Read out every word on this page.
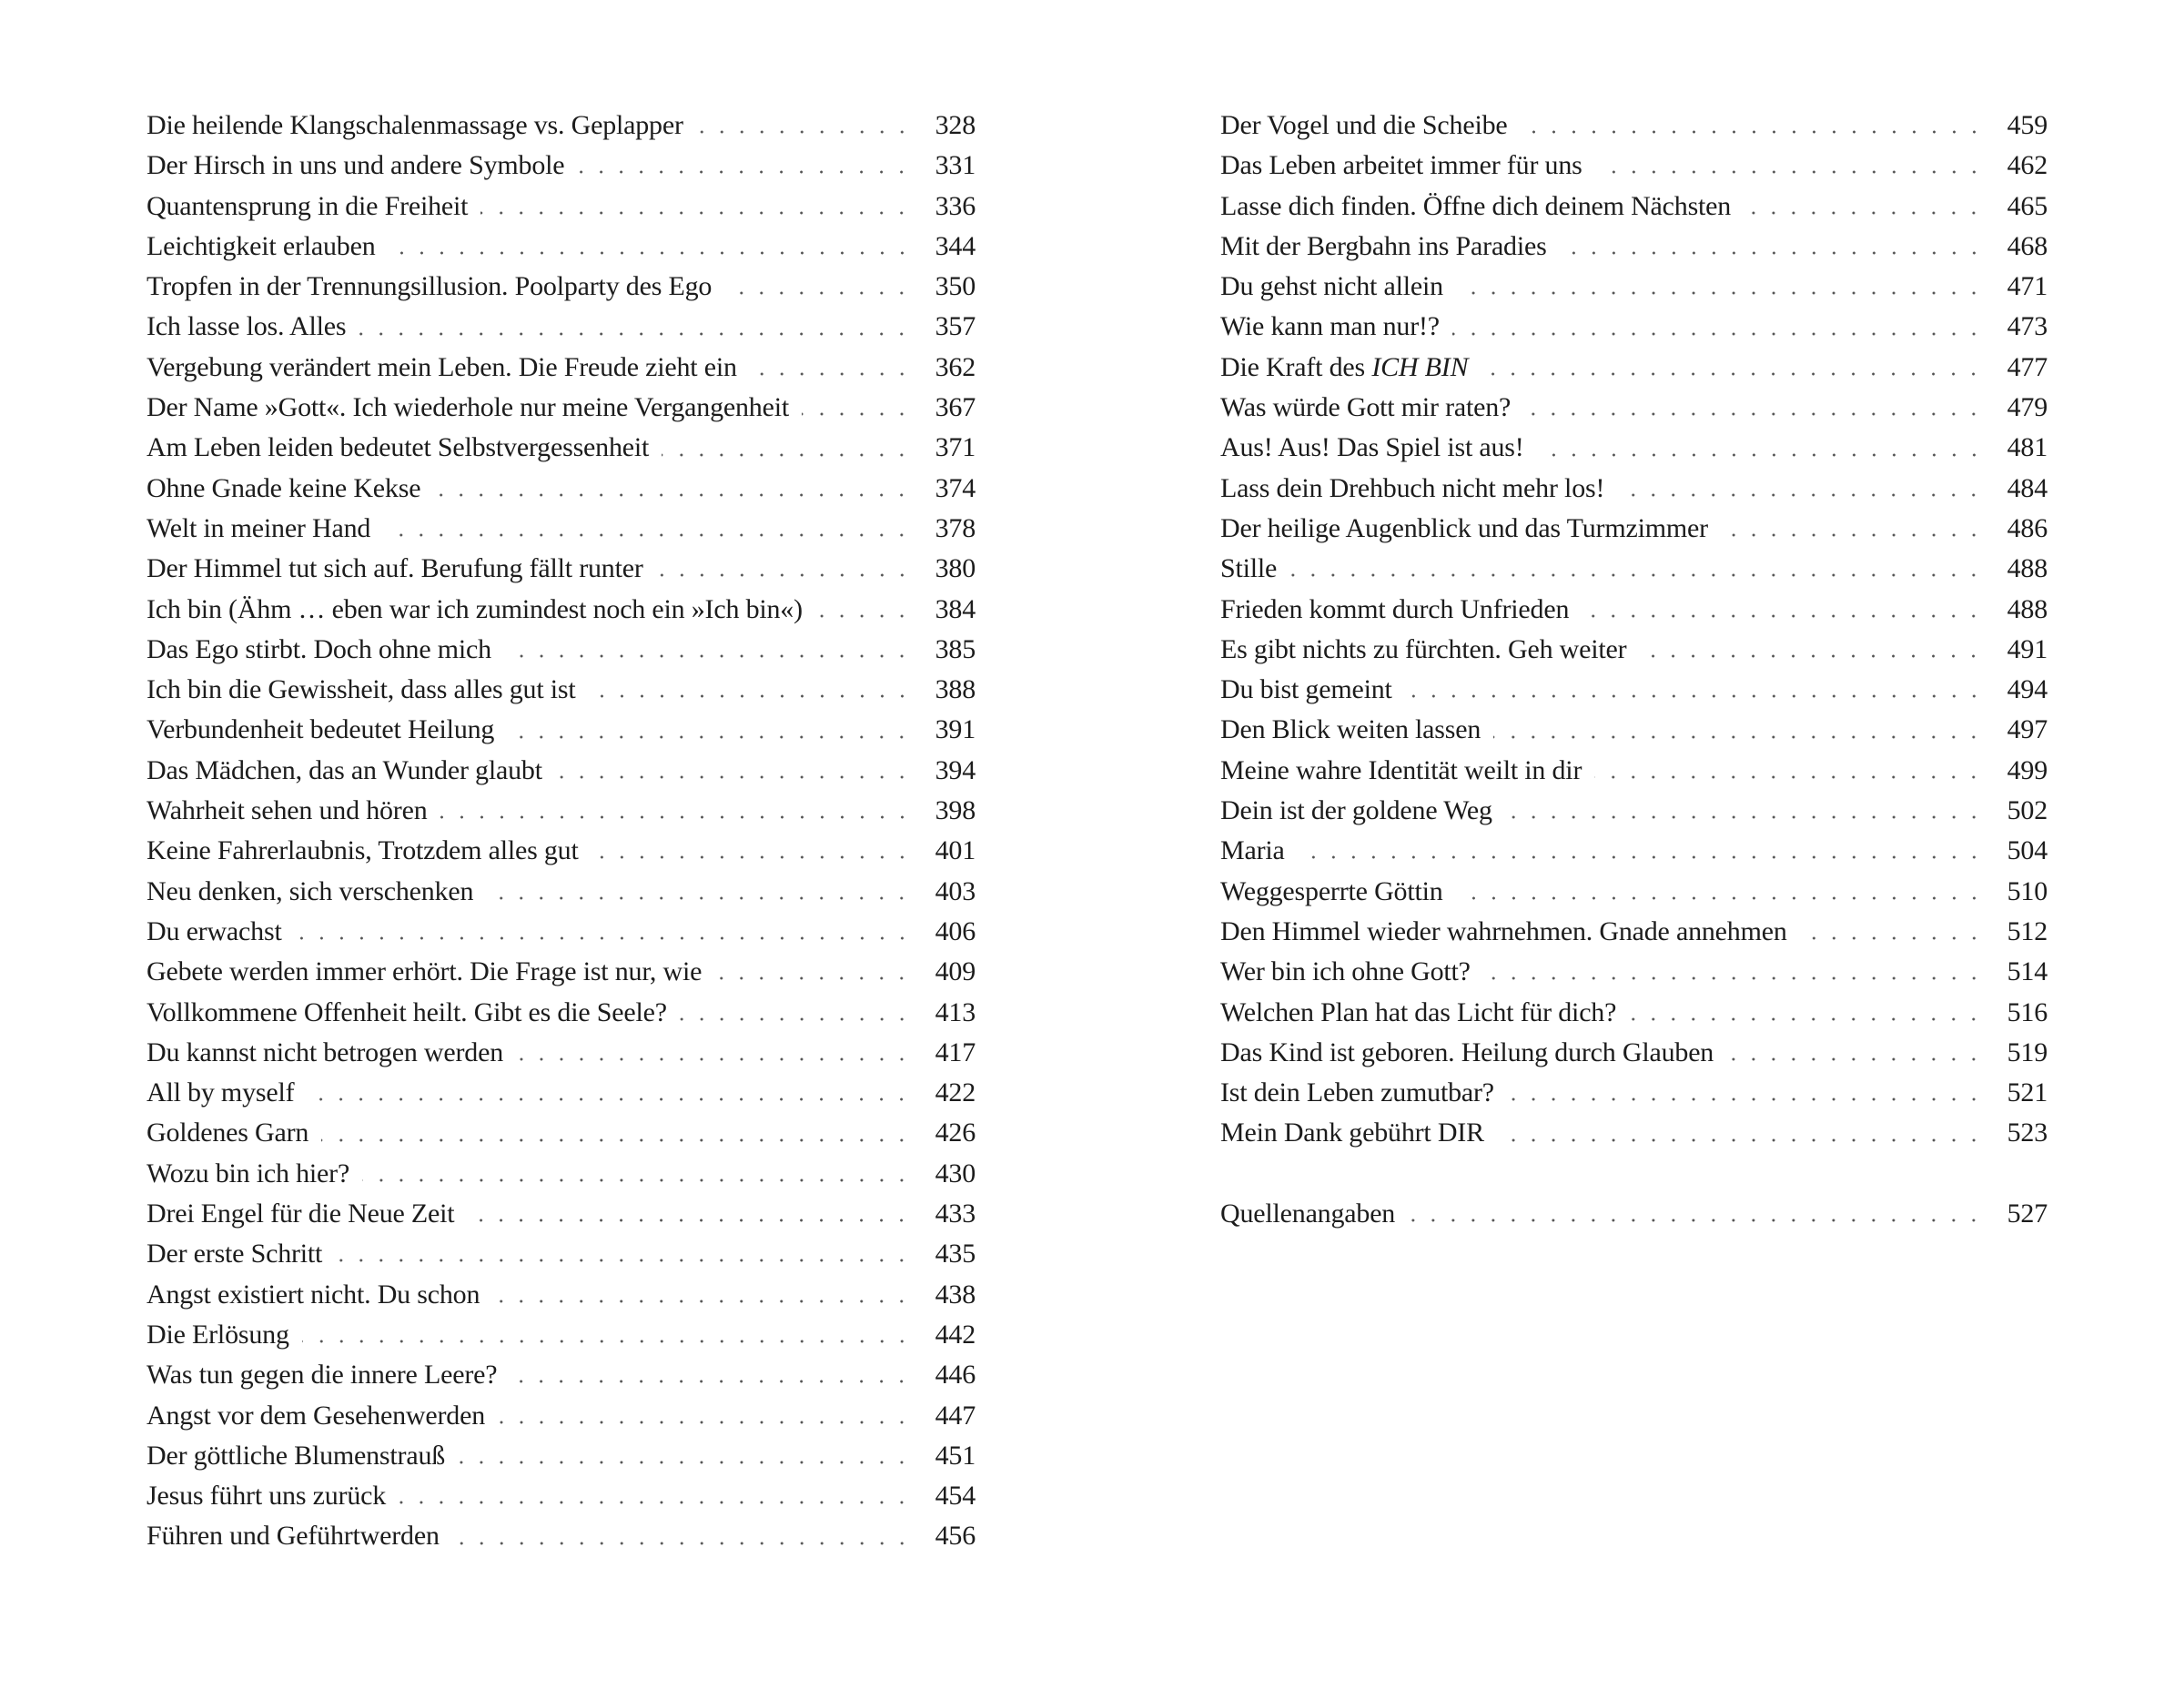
Die heilende Klangschalenmassage vs. Geplapper	328
Der Hirsch in uns und andere Symbole	331
Quantensprung in die Freiheit	336
Leichtigkeit erlauben	344
Tropfen in der Trennungsillusion. Poolparty des Ego	350
Ich lasse los. Alles	357
Vergebung verändert mein Leben. Die Freude zieht ein	362
Der Name »Gott«. Ich wiederhole nur meine Vergangenheit	367
Am Leben leiden bedeutet Selbstvergessenheit	371
Ohne Gnade keine Kekse	374
Welt in meiner Hand	378
Der Himmel tut sich auf. Berufung fällt runter	380
Ich bin (Ähm … eben war ich zumindest noch ein »Ich bin«)	384
Das Ego stirbt. Doch ohne mich	385
Ich bin die Gewissheit, dass alles gut ist	388
Verbundenheit bedeutet Heilung	391
Das Mädchen, das an Wunder glaubt	394
Wahrheit sehen und hören	398
Keine Fahrerlaubnis, Trotzdem alles gut	401
Neu denken, sich verschenken	403
Du erwachst	406
Gebete werden immer erhört. Die Frage ist nur, wie	409
Vollkommene Offenheit heilt. Gibt es die Seele?	413
Du kannst nicht betrogen werden	417
All by myself	422
Goldenes Garn	426
Wozu bin ich hier?	430
Drei Engel für die Neue Zeit	433
Der erste Schritt	435
Angst existiert nicht. Du schon	438
Die Erlösung	442
Was tun gegen die innere Leere?	446
Angst vor dem Gesehenwerden	447
Der göttliche Blumenstrauß	451
Jesus führt uns zurück	454
Führen und Geführtwerden	456
Der Vogel und die Scheibe	459
Das Leben arbeitet immer für uns	462
Lasse dich finden. Öffne dich deinem Nächsten	465
Mit der Bergbahn ins Paradies	468
Du gehst nicht allein	471
Wie kann man nur!?	473
Die Kraft des ICH BIN	477
Was würde Gott mir raten?	479
Aus! Aus! Das Spiel ist aus!	481
Lass dein Drehbuch nicht mehr los!	484
Der heilige Augenblick und das Turmzimmer	486
Stille	488
Frieden kommt durch Unfrieden	488
Es gibt nichts zu fürchten. Geh weiter	491
Du bist gemeint	494
Den Blick weiten lassen	497
Meine wahre Identität weilt in dir	499
Dein ist der goldene Weg	502
Maria	504
Weggesperrte Göttin	510
Den Himmel wieder wahrnehmen. Gnade annehmen	512
Wer bin ich ohne Gott?	514
Welchen Plan hat das Licht für dich?	516
Das Kind ist geboren. Heilung durch Glauben	519
Ist dein Leben zumutbar?	521
Mein Dank gebührt DIR	523
Quellenangaben	527
